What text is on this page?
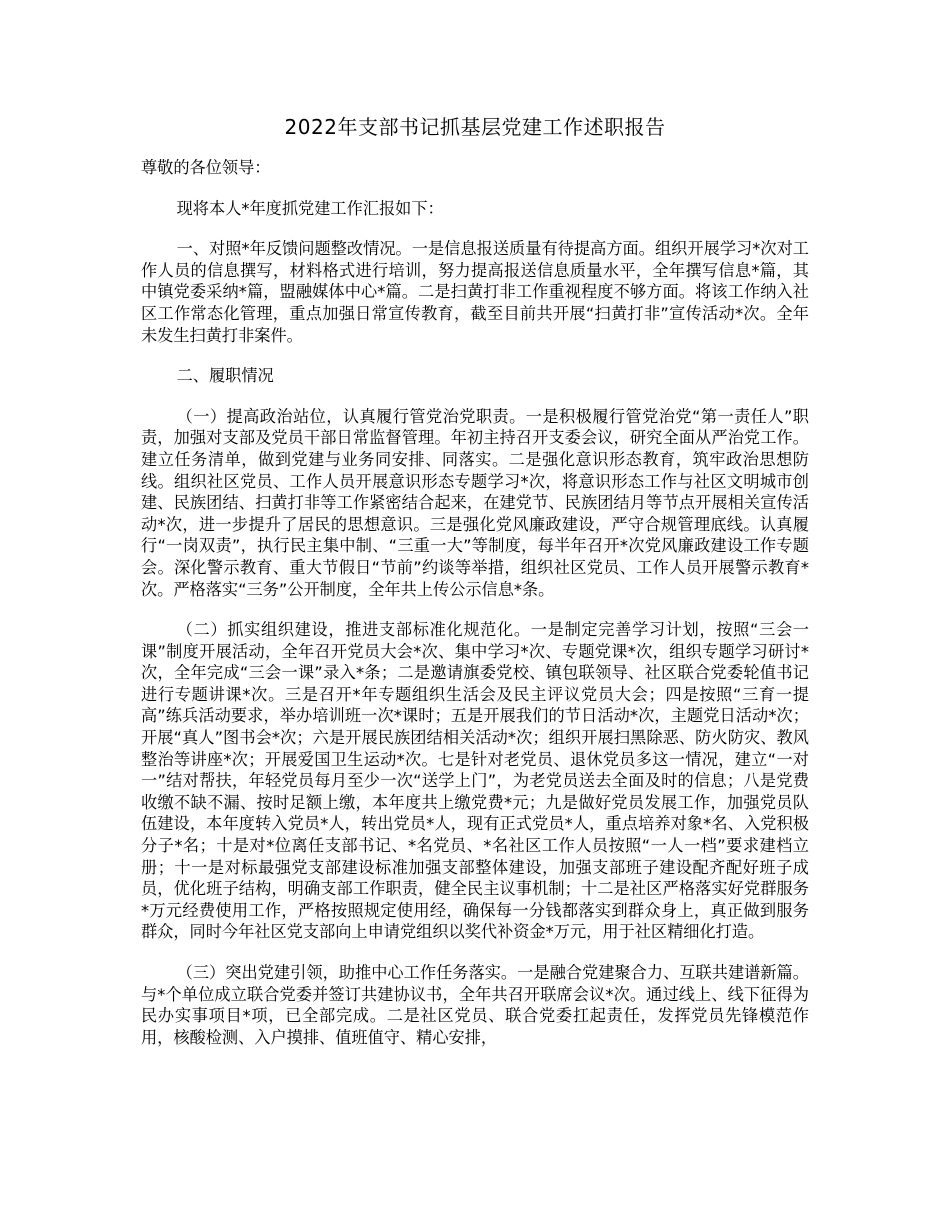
2022年支部书记抓基层党建工作述职报告

尊敬的各位领导：

现将本人*年度抓党建工作汇报如下：

一、对照*年反馈问题整改情况。一是信息报送质量有待提高方面。组织开展学习*次对工作人员的信息撰写，材料格式进行培训，努力提高报送信息质量水平，全年撰写信息*篇，其中镇党委采纳*篇，盟融媒体中心*篇。二是扫黄打非工作重视程度不够方面。将该工作纳入社区工作常态化管理，重点加强日常宣传教育，截至目前共开展“扫黄打非”宣传活动*次。全年未发生扫黄打非案件。

二、履职情况

（一）提高政治站位，认真履行管党治党职责。一是积极履行管党治党“第一责任人”职责，加强对支部及党员干部日常监督管理。年初主持召开支委会议，研究全面从严治党工作。建立任务清单，做到党建与业务同安排、同落实。二是强化意识形态教育，筑牢政治思想防线。组织社区党员、工作人员开展意识形态专题学习*次，将意识形态工作与社区文明城市创建、民族团结、扫黄打非等工作紧密结合起来，在建党节、民族团结月等节点开展相关宣传活动*次，进一步提升了居民的思想意识。三是强化党风廉政建设，严守合规管理底线。认真履行“一岗双责”，执行民主集中制、“三重一大”等制度，每半年召开*次党风廉政建设工作专题会。深化警示教育、重大节假日“节前”约谈等举措，组织社区党员、工作人员开展警示教育*次。严格落实“三务”公开制度，全年共上传公示信息*条。

（二）抓实组织建设，推进支部标准化规范化。一是制定完善学习计划，按照“三会一课”制度开展活动，全年召开党员大会*次、集中学习*次、专题党课*次，组织专题学习研讨*次，全年完成“三会一课”录入*条；二是邀请旗委党校、镇包联领导、社区联合党委轮值书记进行专题讲课*次。三是召开*年专题组织生活会及民主评议党员大会；四是按照“三育一提高”练兵活动要求，举办培训班一次*课时；五是开展我们的节日活动*次，主题党日活动*次；开展“真人”图书会*次；六是开展民族团结相关活动*次；组织开展扫黑除恶、防火防灾、教风整治等讲座*次；开展爱国卫生运动*次。七是针对老党员、退休党员多这一情况，建立“一对一”结对帮扶，年轻党员每月至少一次“送学上门”，为老党员送去全面及时的信息；八是党费收缴不缺不漏、按时足额上缴，本年度共上缴党费*元；九是做好党员发展工作，加强党员队伍建设，本年度转入党员*人，转出党员*人，现有正式党员*人，重点培养对象*名、入党积极分子*名；十是对*位离任支部书记、*名党员、*名社区工作人员按照“一人一档”要求建档立册；十一是对标最强党支部建设标准加强支部整体建设，加强支部班子建设配齐配好班子成员，优化班子结构，明确支部工作职责，健全民主议事机制；十二是社区严格落实好党群服务*万元经费使用工作，严格按照规定使用经，确保每一分钱都落实到群众身上，真正做到服务群众，同时今年社区党支部向上申请党组织以奖代补资金*万元，用于社区精细化打造。

（三）突出党建引领，助推中心工作任务落实。一是融合党建聚合力、互联共建谱新篇。与*个单位成立联合党委并签订共建协议书，全年共召开联席会议*次。通过线上、线下征得为民办实事项目*项，已全部完成。二是社区党员、联合党委扛起责任，发挥党员先锋模范作用，核酸检测、入户摸排、值班值守、精心安排，
